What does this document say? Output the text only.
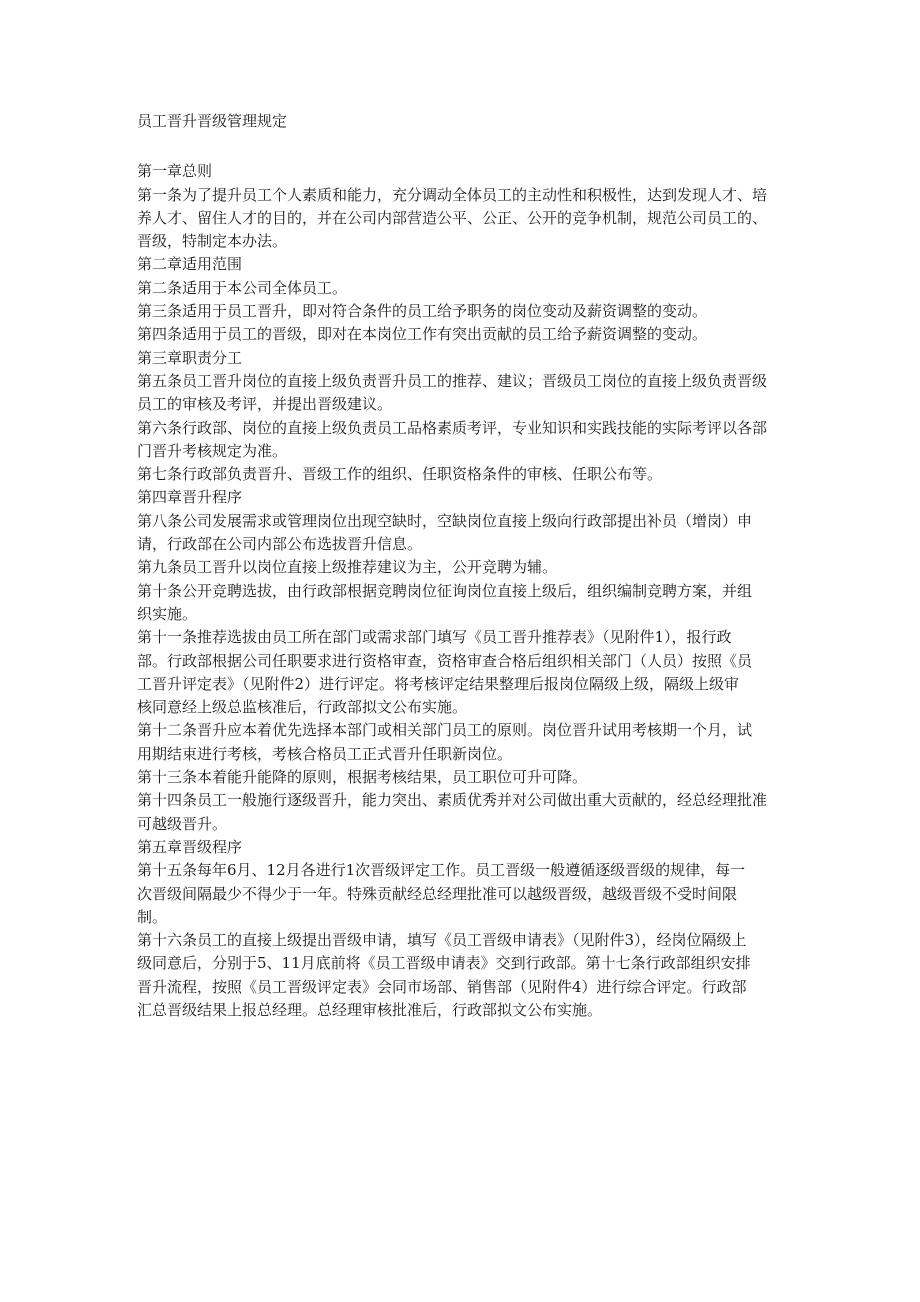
员工晋升晋级管理规定
第一章总则
第一条为了提升员工个人素质和能力，充分调动全体员工的主动性和积极性，达到发现人才、培
养人才、留住人才的目的，并在公司内部营造公平、公正、公开的竞争机制，规范公司员工的、
晋级，特制定本办法。
第二章适用范围
第二条适用于本公司全体员工。
第三条适用于员工晋升，即对符合条件的员工给予职务的岗位变动及薪资调整的变动。
第四条适用于员工的晋级，即对在本岗位工作有突出贡献的员工给予薪资调整的变动。
第三章职责分工
第五条员工晋升岗位的直接上级负责晋升员工的推荐、建议；晋级员工岗位的直接上级负责晋级
员工的审核及考评，并提出晋级建议。
第六条行政部、岗位的直接上级负责员工品格素质考评，专业知识和实践技能的实际考评以各部
门晋升考核规定为准。
第七条行政部负责晋升、晋级工作的组织、任职资格条件的审核、任职公布等。
第四章晋升程序
第八条公司发展需求或管理岗位出现空缺时，空缺岗位直接上级向行政部提出补员（增岗）申
请，行政部在公司内部公布选拔晋升信息。
第九条员工晋升以岗位直接上级推荐建议为主，公开竞聘为辅。
第十条公开竞聘选拔，由行政部根据竞聘岗位征询岗位直接上级后，组织编制竞聘方案，并组
织实施。
第十一条推荐选拔由员工所在部门或需求部门填写《员工晋升推荐表》（见附件1），报行政
部。行政部根据公司任职要求进行资格审查，资格审查合格后组织相关部门（人员）按照《员
工晋升评定表》（见附件2）进行评定。将考核评定结果整理后报岗位隔级上级，隔级上级审
核同意经上级总监核准后，行政部拟文公布实施。
第十二条晋升应本着优先选择本部门或相关部门员工的原则。岗位晋升试用考核期一个月，试
用期结束进行考核，考核合格员工正式晋升任职新岗位。
第十三条本着能升能降的原则，根据考核结果，员工职位可升可降。
第十四条员工一般施行逐级晋升，能力突出、素质优秀并对公司做出重大贡献的，经总经理批准
可越级晋升。
第五章晋级程序
第十五条每年6月、12月各进行1次晋级评定工作。员工晋级一般遵循逐级晋级的规律，每一
次晋级间隔最少不得少于一年。特殊贡献经总经理批准可以越级晋级，越级晋级不受时间限
制。
第十六条员工的直接上级提出晋级申请，填写《员工晋级申请表》（见附件3），经岗位隔级上
级同意后，分别于5、11月底前将《员工晋级申请表》交到行政部。第十七条行政部组织安排
晋升流程，按照《员工晋级评定表》会同市场部、销售部（见附件4）进行综合评定。行政部
汇总晋级结果上报总经理。总经理审核批准后，行政部拟文公布实施。
